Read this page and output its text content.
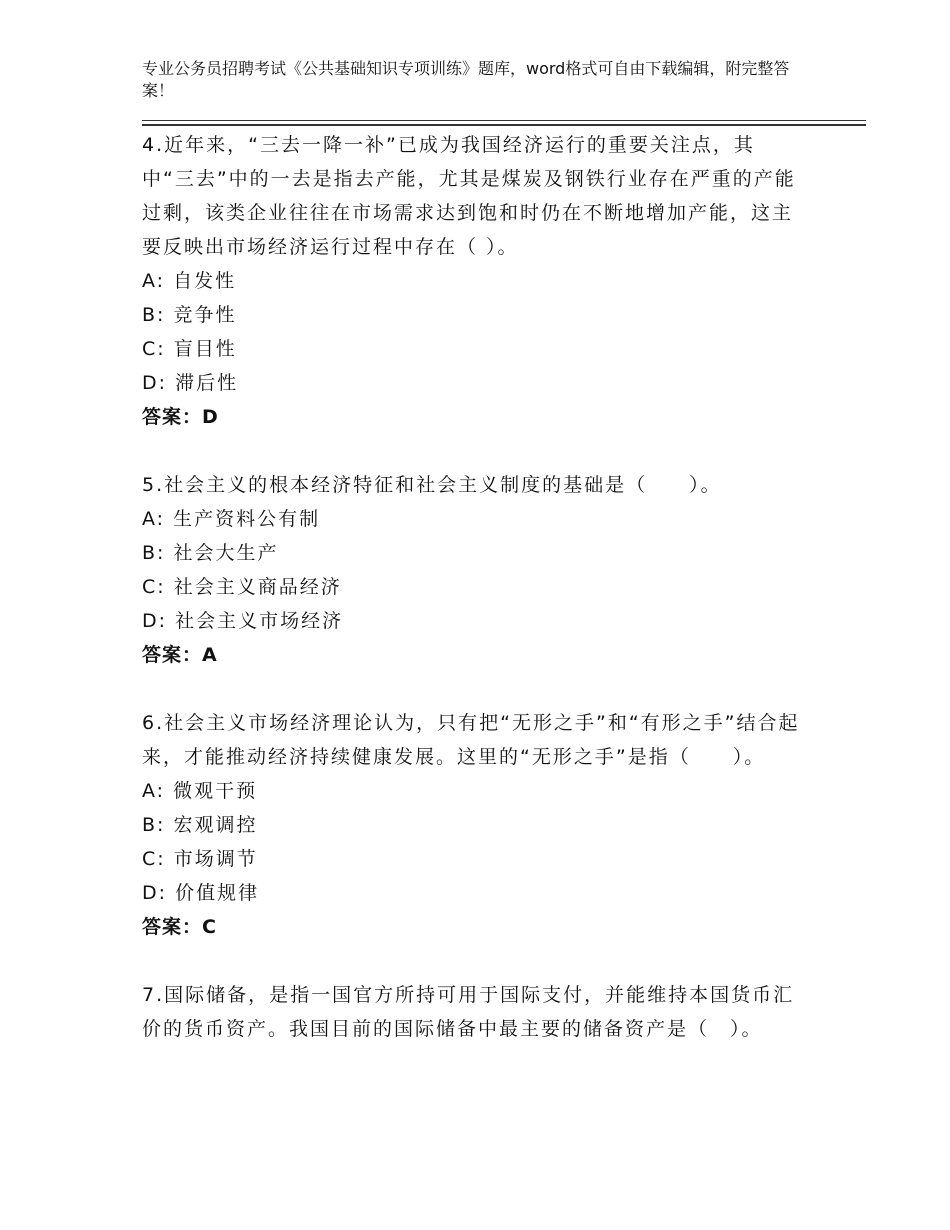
专业公务员招聘考试《公共基础知识专项训练》题库，word格式可自由下载编辑，附完整答案！
4.近年来，“三去一降一补”已成为我国经济运行的重要关注点，其中“三去”中的一去是指去产能，尤其是煤炭及钢铁行业存在严重的产能过剩，该类企业往往在市场需求达到饱和时仍在不断地增加产能，这主要反映出市场经济运行过程中存在（ ）。
A: 自发性
B: 竞争性
C: 盲目性
D: 滞后性
答案：D
5.社会主义的根本经济特征和社会主义制度的基础是（　　）。
A: 生产资料公有制
B: 社会大生产
C: 社会主义商品经济
D: 社会主义市场经济
答案：A
6.社会主义市场经济理论认为，只有把“无形之手”和“有形之手”结合起来，才能推动经济持续健康发展。这里的“无形之手”是指（　　）。
A: 微观干预
B: 宏观调控
C: 市场调节
D: 价值规律
答案：C
7.国际储备，是指一国官方所持可用于国际支付，并能维持本国货币汇价的货币资产。我国目前的国际储备中最主要的储备资产是（　）。
